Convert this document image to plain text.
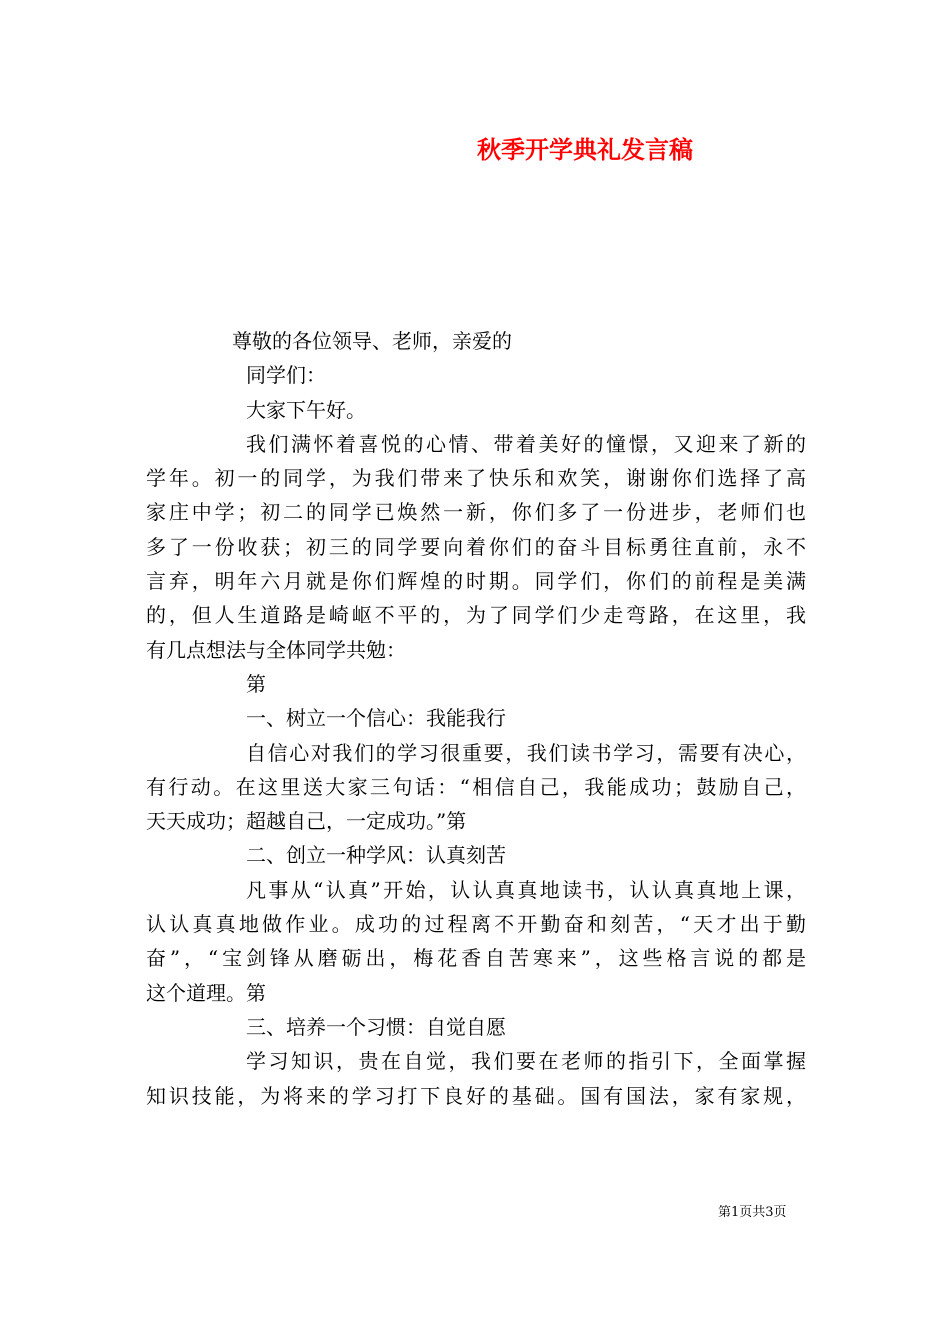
秋季开学典礼发言稿
尊敬的各位领导、老师，亲爱的
同学们：
大家下午好。
我们满怀着喜悦的心情、带着美好的憧憬，又迎来了新的
学年。初一的同学，为我们带来了快乐和欢笑，谢谢你们选择了高
家庄中学；初二的同学已焕然一新，你们多了一份进步，老师们也
多了一份收获；初三的同学要向着你们的奋斗目标勇往直前，永不
言弃，明年六月就是你们辉煌的时期。同学们，你们的前程是美满
的，但人生道路是崎岖不平的，为了同学们少走弯路，在这里，我
有几点想法与全体同学共勉：
第
一、树立一个信心：我能我行
自信心对我们的学习很重要，我们读书学习，需要有决心，
有行动。在这里送大家三句话：“相信自己，我能成功；鼓励自己，
天天成功；超越自己，一定成功。”第
二、创立一种学风：认真刻苦
凡事从“认真”开始，认认真真地读书，认认真真地上课，
认认真真地做作业。成功的过程离不开勤奋和刻苦，“天才出于勤
奋”，“宝剑锋从磨砺出，梅花香自苦寒来”，这些格言说的都是
这个道理。第
三、培养一个习惯：自觉自愿
学习知识，贵在自觉，我们要在老师的指引下，全面掌握
知识技能，为将来的学习打下良好的基础。国有国法，家有家规，
第1页共3页
